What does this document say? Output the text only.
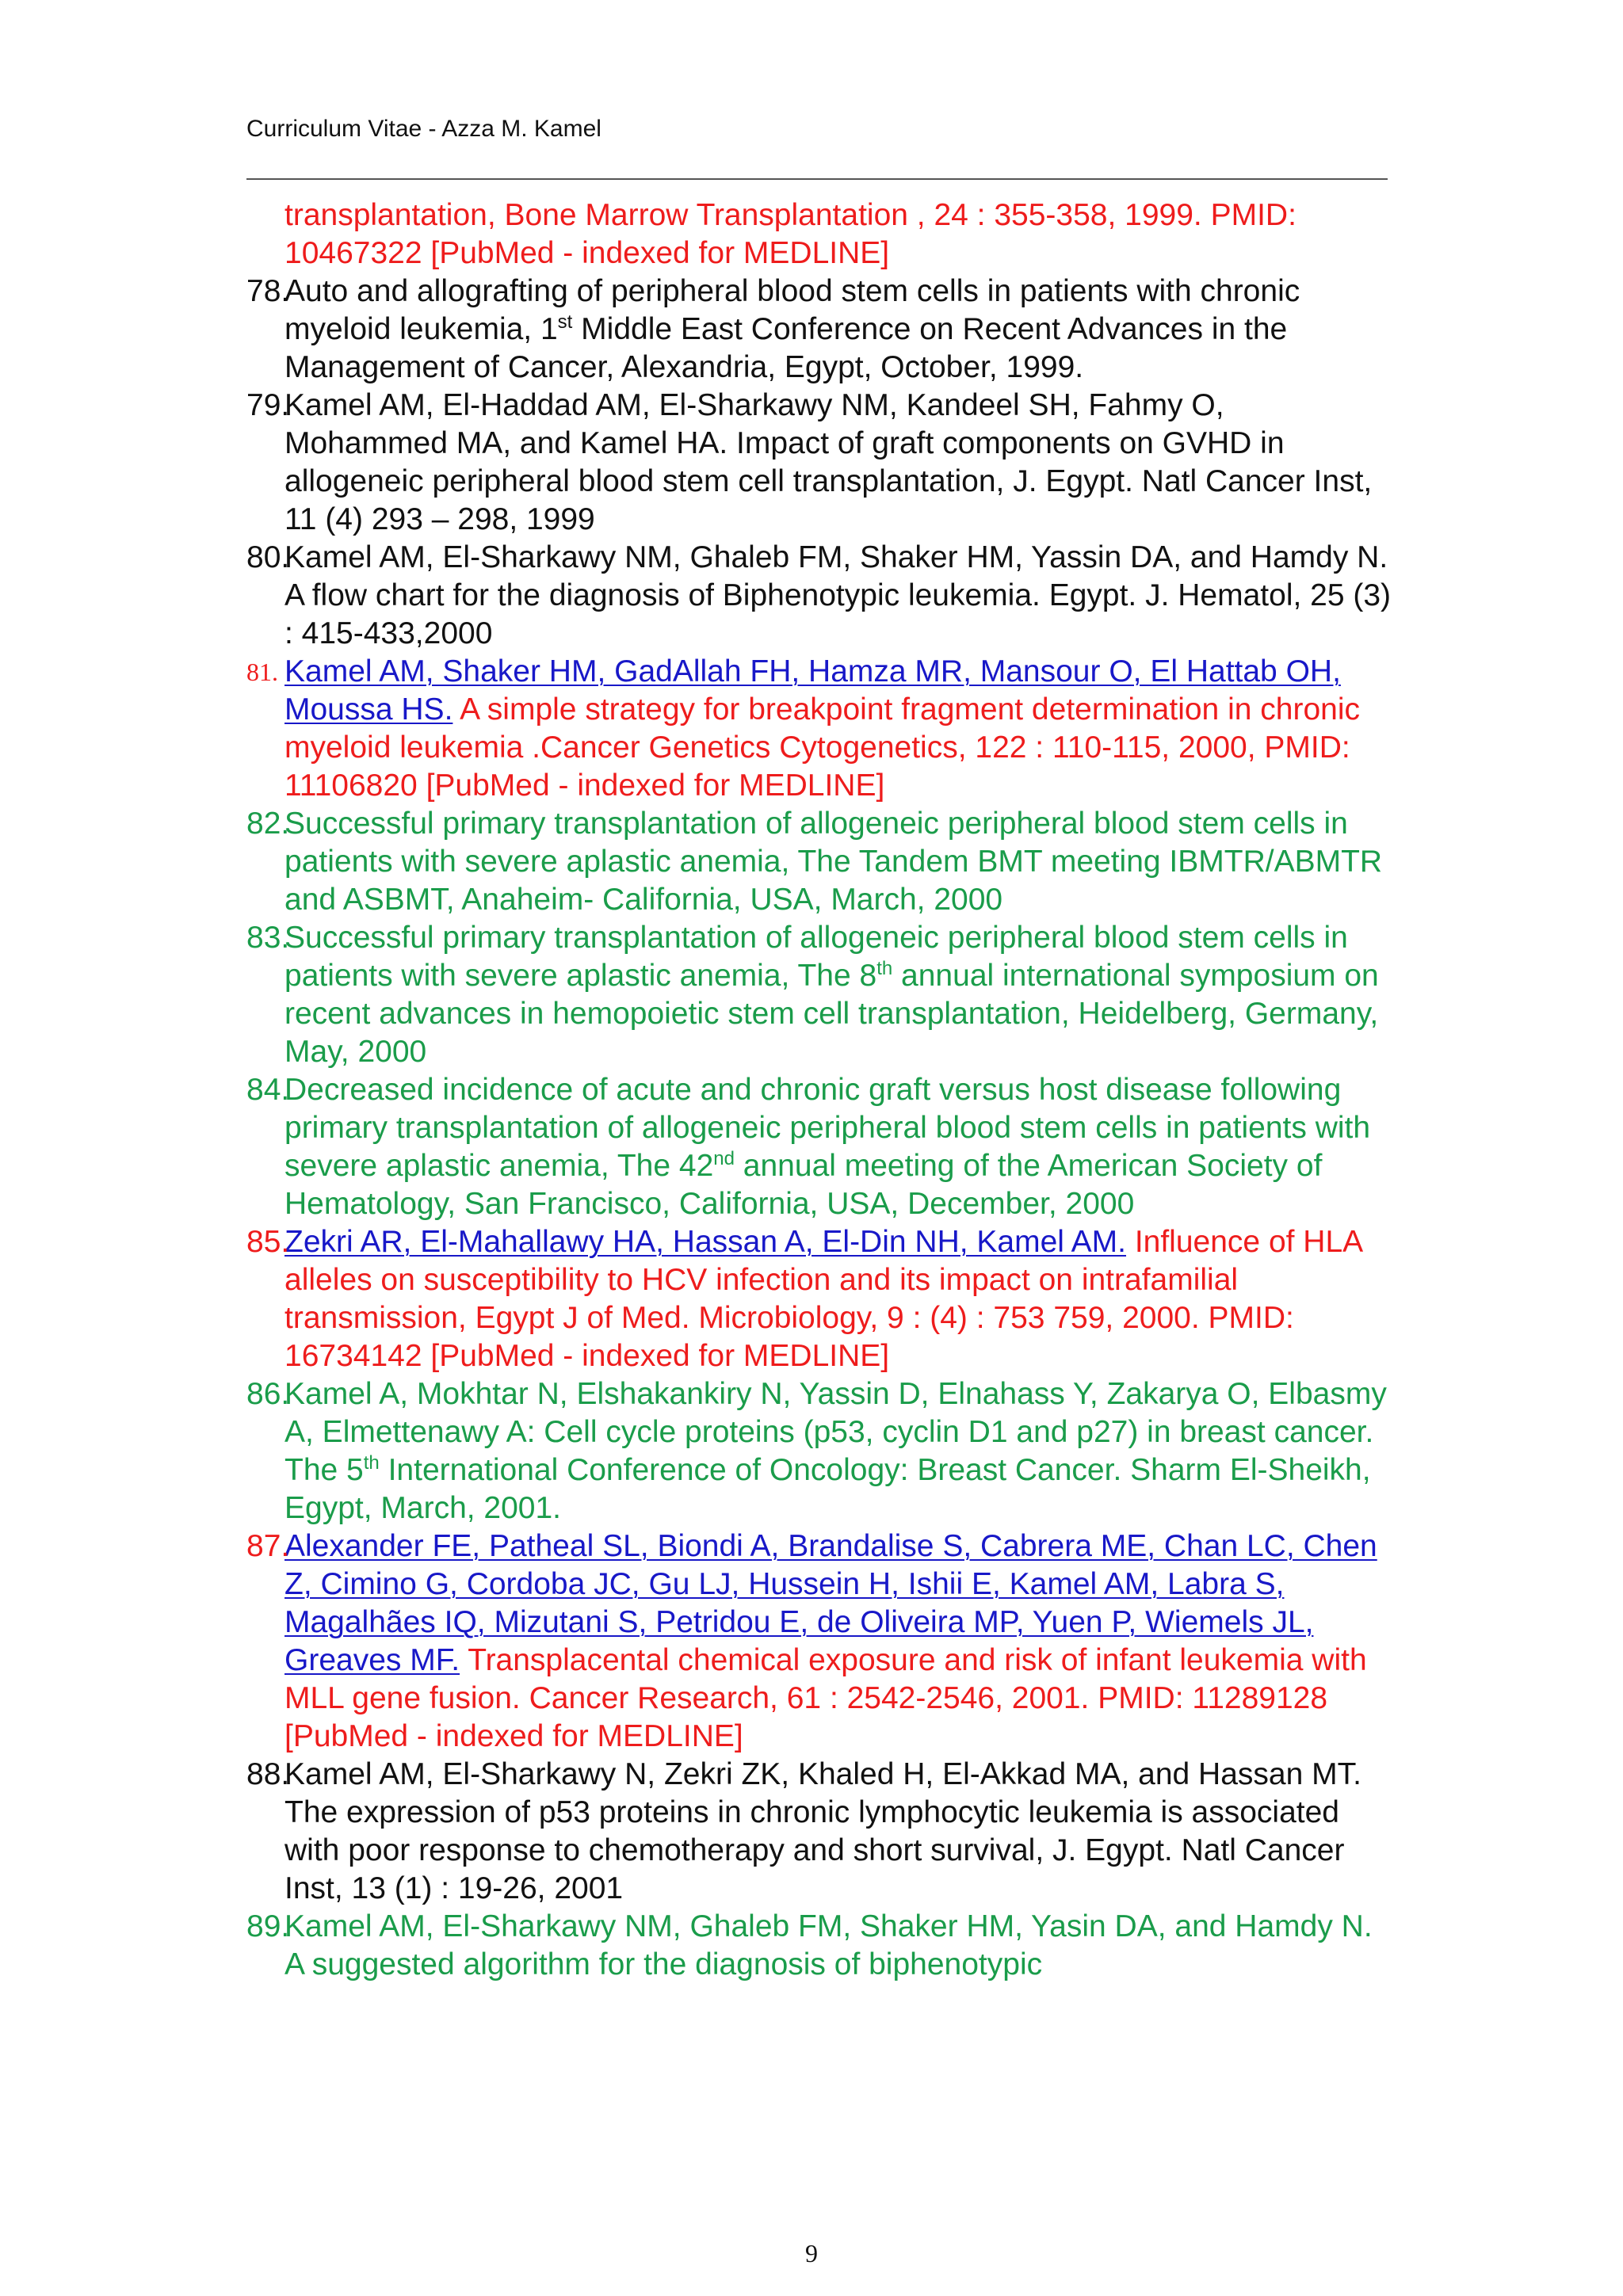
Curriculum Vitae - Azza M. Kamel
transplantation, Bone Marrow Transplantation , 24 : 355-358, 1999. PMID: 10467322 [PubMed - indexed for MEDLINE]
78.
Auto and allografting of peripheral blood stem cells in patients with chronic myeloid leukemia, 1st Middle East Conference on Recent Advances in the Management of Cancer, Alexandria, Egypt, October, 1999.
79.
Kamel AM, El-Haddad AM, El-Sharkawy NM, Kandeel SH, Fahmy O, Mohammed MA, and Kamel HA. Impact of graft components on GVHD in allogeneic peripheral blood stem cell transplantation, J. Egypt. Natl Cancer Inst, 11 (4) 293 – 298, 1999
80.
Kamel AM, El-Sharkawy NM, Ghaleb FM, Shaker HM, Yassin DA, and Hamdy N. A flow chart for the diagnosis of Biphenotypic leukemia. Egypt. J. Hematol, 25 (3) : 415-433,2000
81. Kamel AM, Shaker HM, GadAllah FH, Hamza MR, Mansour O, El Hattab OH, Moussa HS. A simple strategy for breakpoint fragment determination in chronic myeloid leukemia .Cancer Genetics Cytogenetics, 122 : 110-115, 2000, PMID: 11106820 [PubMed - indexed for MEDLINE]
82.
Successful primary transplantation of allogeneic peripheral blood stem cells in patients with severe aplastic anemia, The Tandem BMT meeting IBMTR/ABMTR and ASBMT, Anaheim- California, USA, March, 2000
83.
Successful primary transplantation of allogeneic peripheral blood stem cells in patients with severe aplastic anemia, The 8th annual international symposium on recent advances in hemopoietic stem cell transplantation, Heidelberg, Germany, May, 2000
84.
Decreased incidence of acute and chronic graft versus host disease following primary transplantation of allogeneic peripheral blood stem cells in patients with severe aplastic anemia, The 42nd annual meeting of the American Society of Hematology, San Francisco, California, USA, December, 2000
85.
Zekri AR, El-Mahallawy HA, Hassan A, El-Din NH, Kamel AM. Influence of HLA alleles on susceptibility to HCV infection and its impact on intrafamilial transmission, Egypt J of Med. Microbiology, 9 : (4) : 753 759, 2000. PMID: 16734142 [PubMed - indexed for MEDLINE]
86.
Kamel A, Mokhtar N, Elshakankiry N, Yassin D, Elnahass Y, Zakarya O, Elbasmy A, Elmettenawy A: Cell cycle proteins (p53, cyclin D1 and p27) in breast cancer. The 5th International Conference of Oncology: Breast Cancer. Sharm El-Sheikh, Egypt, March, 2001.
87.
Alexander FE, Patheal SL, Biondi A, Brandalise S, Cabrera ME, Chan LC, Chen Z, Cimino G, Cordoba JC, Gu LJ, Hussein H, Ishii E, Kamel AM, Labra S, Magalhães IQ, Mizutani S, Petridou E, de Oliveira MP, Yuen P, Wiemels JL, Greaves MF. Transplacental chemical exposure and risk of infant leukemia with MLL gene fusion. Cancer Research, 61 : 2542-2546, 2001. PMID: 11289128 [PubMed - indexed for MEDLINE]
88.
Kamel AM, El-Sharkawy N, Zekri ZK, Khaled H, El-Akkad MA, and Hassan MT. The expression of p53 proteins in chronic lymphocytic leukemia is associated with poor response to chemotherapy and short survival, J. Egypt. Natl Cancer Inst, 13 (1) : 19-26, 2001
89.
Kamel AM, El-Sharkawy NM, Ghaleb FM, Shaker HM, Yasin DA, and Hamdy N. A suggested algorithm for the diagnosis of biphenotypic
9
